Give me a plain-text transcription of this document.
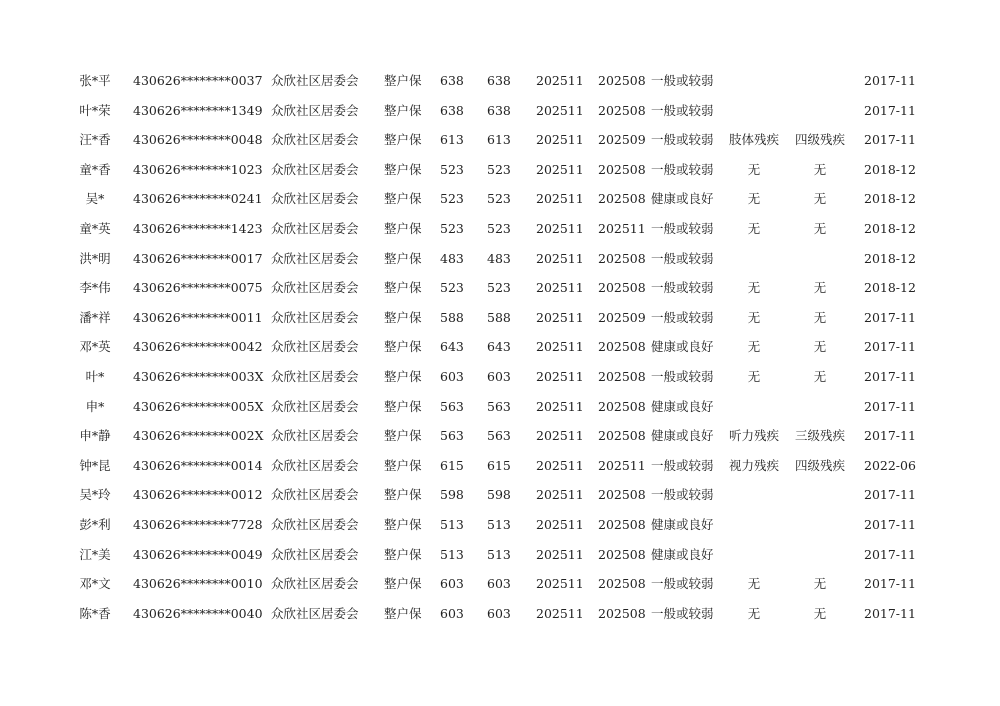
张*平	430626********0037 众欣社区居委会 整户保 638 638 202511 202508 一般或较弱	2017-11
叶*荣	430626********1349 众欣社区居委会 整户保 638 638 202511 202508 一般或较弱	2017-11
汪*香	430626********0048 众欣社区居委会 整户保 613 613 202511 202509 一般或较弱	肢体残疾	四级残疾	2017-11
童*香	430626********1023 众欣社区居委会 整户保 523 523 202511 202508 一般或较弱	无	无	2018-12
吴*	430626********0241 众欣社区居委会 整户保 523 523 202511 202508 健康或良好	无	无	2018-12
童*英	430626********1423 众欣社区居委会 整户保 523 523 202511 202511 一般或较弱	无	无	2018-12
洪*明	430626********0017 众欣社区居委会 整户保 483 483 202511 202508 一般或较弱	2018-12
李*伟	430626********0075 众欣社区居委会 整户保 523 523 202511 202508 一般或较弱	无	无	2018-12
潘*祥	430626********0011 众欣社区居委会 整户保 588 588 202511 202509 一般或较弱	无	无	2017-11
邓*英	430626********0042 众欣社区居委会 整户保 643 643 202511 202508 健康或良好	无	无	2017-11
叶*	430626********003X 众欣社区居委会 整户保 603 603 202511 202508 一般或较弱	无	无	2017-11
申*	430626********005X 众欣社区居委会 整户保 563 563 202511 202508 健康或良好	2017-11
申*静	430626********002X 众欣社区居委会 整户保 563 563 202511 202508 健康或良好	听力残疾	三级残疾	2017-11
钟*昆	430626********0014 众欣社区居委会 整户保 615 615 202511 202511 一般或较弱	视力残疾	四级残疾	2022-06
吴*玲	430626********0012 众欣社区居委会 整户保 598 598 202511 202508 一般或较弱	2017-11
彭*利	430626********7728 众欣社区居委会 整户保 513 513 202511 202508 健康或良好	2017-11
江*美	430626********0049 众欣社区居委会 整户保 513 513 202511 202508 健康或良好	2017-11
邓*文	430626********0010 众欣社区居委会 整户保 603 603 202511 202508 一般或较弱	无	无	2017-11
陈*香	430626********0040 众欣社区居委会 整户保 603 603 202511 202508 一般或较弱	无	无	2017-11
